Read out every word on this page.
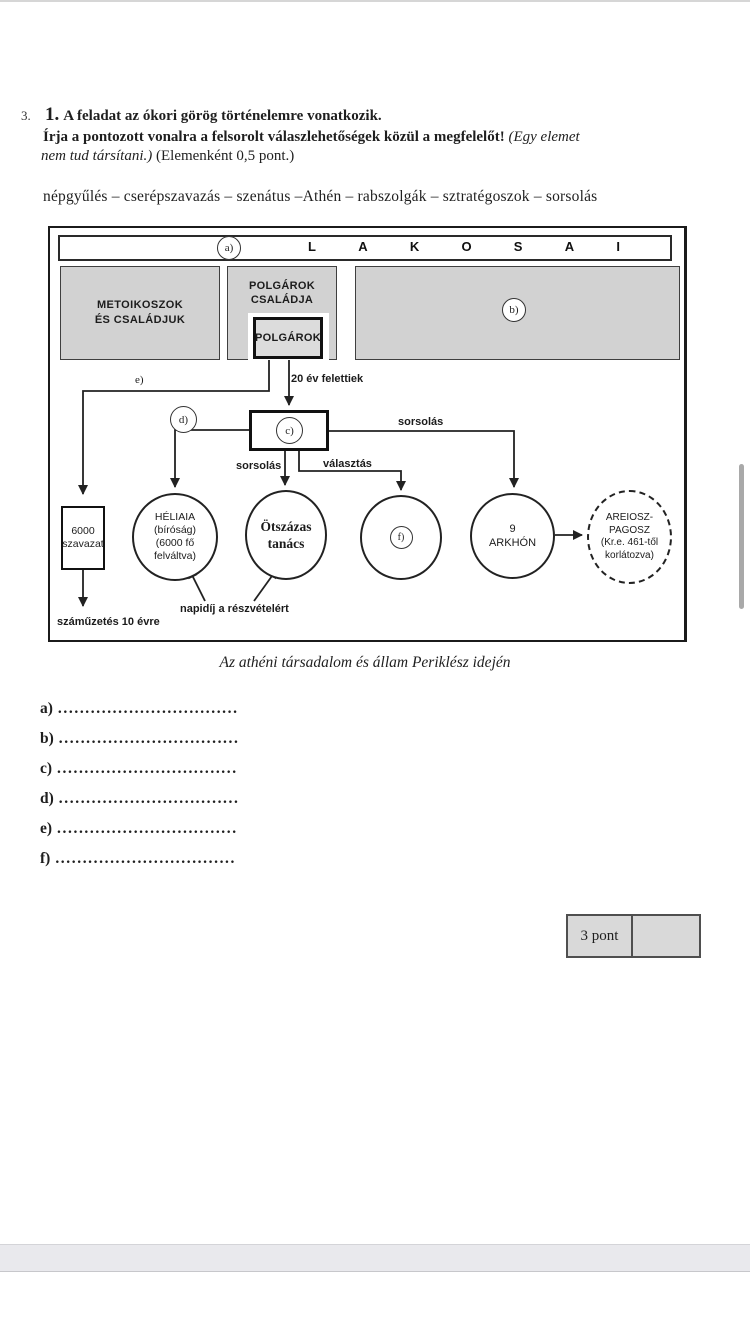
3. 1. A feladat az ókori görög történelemre vonatkozik.
Írja a pontozott vonalra a felsorolt válaszlehetőségek közül a megfelelőt! (Egy elemet
nem tud társítani.) (Elemenként 0,5 pont.)
népgyűlés – cserépszavazás – szenátus –Athén – rabszolgák – sztratégoszok – sorsolás
L	A	K	O	S	A	I
a)
METOIKOSZOK
ÉS CSALÁDJUK
POLGÁROK
CSALÁDJA
b)
POLGÁROK
e)	20 év felettiek
c)
d)
sorsolás	választás
sorsolás
6000
szavazat
száműzetés 10 évre
HÉLIAIA
(bíróság)
(6000 fő
felváltva)
Ötszázas
tanács	f)
9
ARKHÓN
AREIOSZ-
PAGOSZ
(Kr.e. 461-től
korlátozva)
napidíj a részvételért
Az athéni társadalom és állam Periklész idején
a) .................................
b) .................................
c) .................................
d) .................................
e) .................................
f) .................................
3 pont
